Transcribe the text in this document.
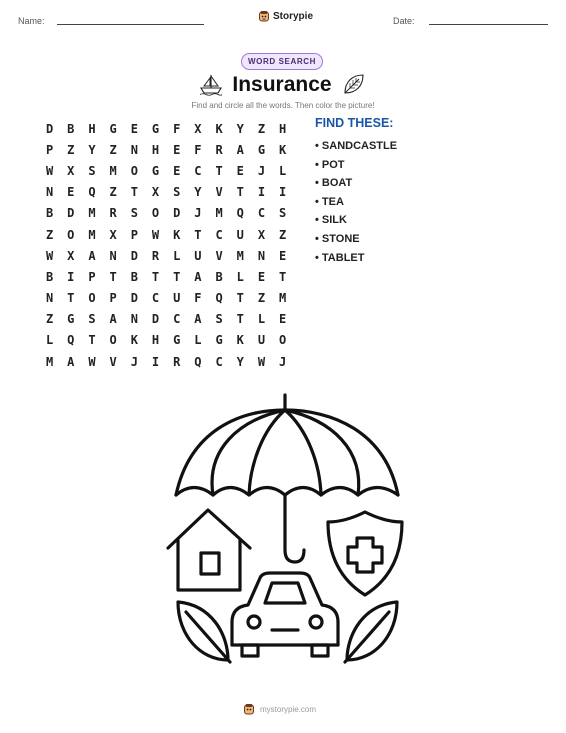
Name:	Storypie	Date:
WORD SEARCH
Insurance
Find and circle all the words. Then color the picture!
D	B	H	G	E	G	F	X	K	Y	Z	H
P	Z	Y	Z	N	H	E	F	R	A	G	K
W	X	S	M	O	G	E	C	T	E	J	L
N	E	Q	Z	T	X	S	Y	V	T	I	I
B	D	M	R	S	O	D	J	M	Q	C	S
Z	O	M	X	P	W	K	T	C	U	X	Z
W	X	A	N	D	R	L	U	V	M	N	E
B	I	P	T	B	T	T	A	B	L	E	T
N	T	O	P	D	C	U	F	Q	T	Z	M
Z	G	S	A	N	D	C	A	S	T	L	E
L	Q	T	O	K	H	G	L	G	K	U	O
M	A	W	V	J	I	R	Q	C	Y	W	J
FIND THESE:
• SANDCASTLE
• POT
• BOAT
• TEA
• SILK
• STONE
• TABLET
mystorypie.com
